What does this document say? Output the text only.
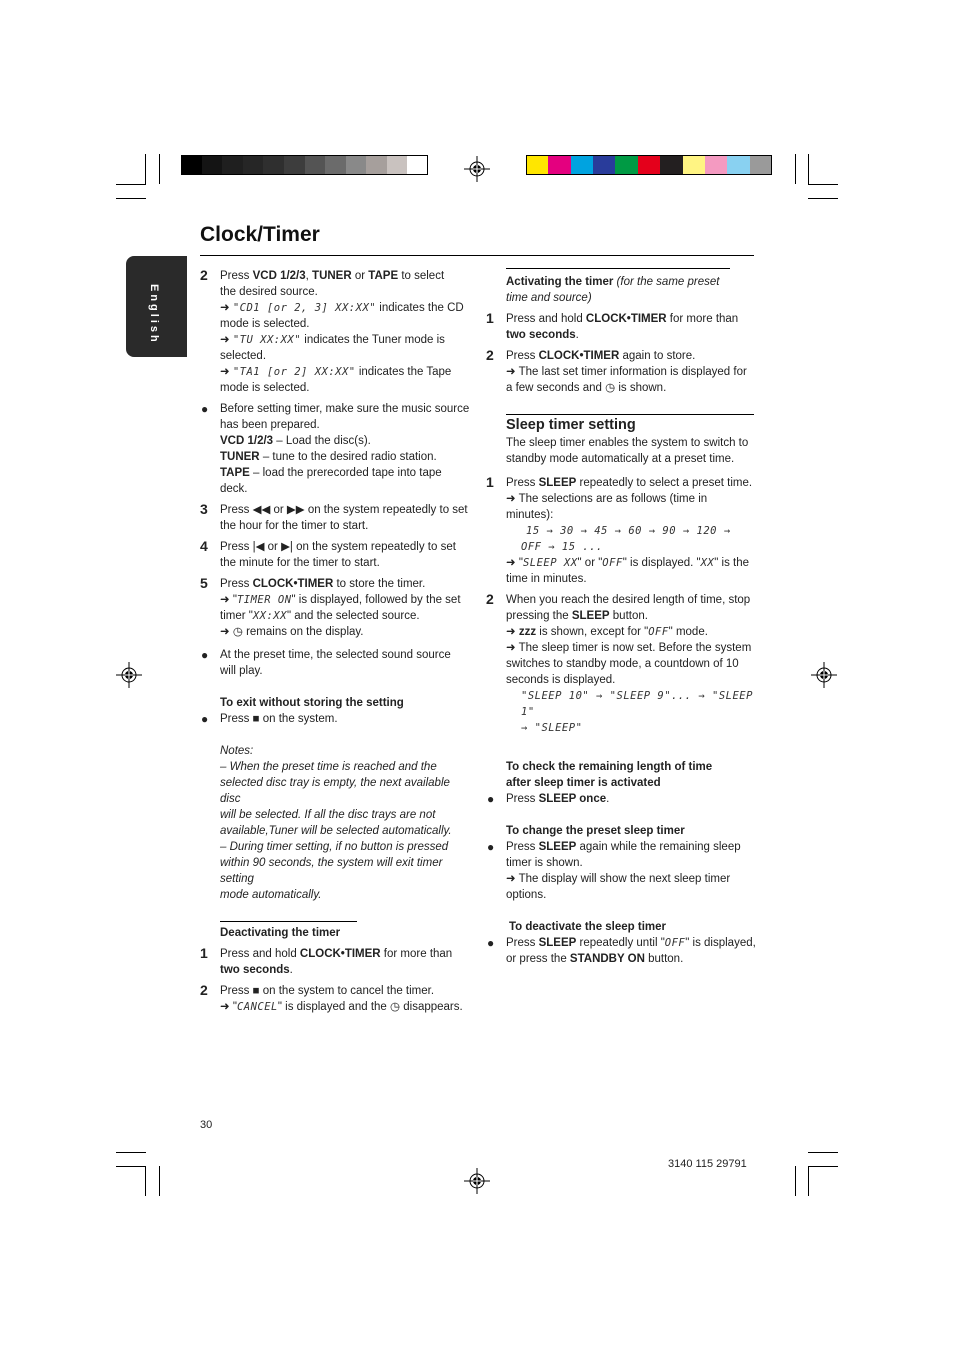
Clock/Timer
English
2 Press VCD 1/2/3, TUNER or TAPE to select
the desired source.
➜ "CD1 [or 2, 3] XX:XX" indicates the CD
mode is selected.
➜ "TU XX:XX" indicates the Tuner mode is
selected.
➜ "TA1 [or 2] XX:XX" indicates the Tape
mode is selected.
● Before setting timer, make sure the music source
has been prepared.
VCD 1/2/3 – Load the disc(s).
TUNER – tune to the desired radio station.
TAPE – load the prerecorded tape into tape
deck.
3 Press ◀◀ or ▶▶ on the system repeatedly to set
the hour for the timer to start.
4 Press |◀ or ▶| on the system repeatedly to set
the minute for the timer to start.
5 Press CLOCK•TIMER to store the timer.
➜ "TIMER ON" is displayed, followed by the set
timer "XX:XX" and the selected source.
➜ ◷ remains on the display.
● At the preset time, the selected sound source
will play.
To exit without storing the setting
● Press ■ on the system.
Notes:
– When the preset time is reached and the
selected disc tray is empty, the next available disc
will be selected. If all the disc trays are not
available,Tuner will be selected automatically.
– During timer setting, if no button is pressed
within 90 seconds, the system will exit timer setting
mode automatically.
Deactivating the timer
1 Press and hold CLOCK•TIMER for more than
two seconds.
2 Press ■ on the system to cancel the timer.
➜ "CANCEL" is displayed and the ◷ disappears.
Activating the timer (for the same preset
time and source)
1 Press and hold CLOCK•TIMER for more than
two seconds.
2 Press CLOCK•TIMER again to store.
➜ The last set timer information is displayed for
a few seconds and ◷ is shown.
Sleep timer setting
The sleep timer enables the system to switch to
standby mode automatically at a preset time.
1 Press SLEEP repeatedly to select a preset time.
➜ The selections are as follows (time in
minutes):
15 → 30 → 45 → 60 → 90 → 120 →
OFF → 15 ...
➜ "SLEEP XX" or "OFF" is displayed. "XX" is the
time in minutes.
2 When you reach the desired length of time, stop
pressing the SLEEP button.
➜ zzz is shown, except for "OFF" mode.
➜ The sleep timer is now set. Before the system
switches to standby mode, a countdown of 10
seconds is displayed.
"SLEEP 10" → "SLEEP 9"... → "SLEEP 1"
→ "SLEEP"
To check the remaining length of time
after sleep timer is activated
● Press SLEEP once.
To change the preset sleep timer
● Press SLEEP again while the remaining sleep
timer is shown.
➜ The display will show the next sleep timer
options.
To deactivate the sleep timer
● Press SLEEP repeatedly until "OFF" is displayed,
or press the STANDBY ON button.
30
3140 115 29791
